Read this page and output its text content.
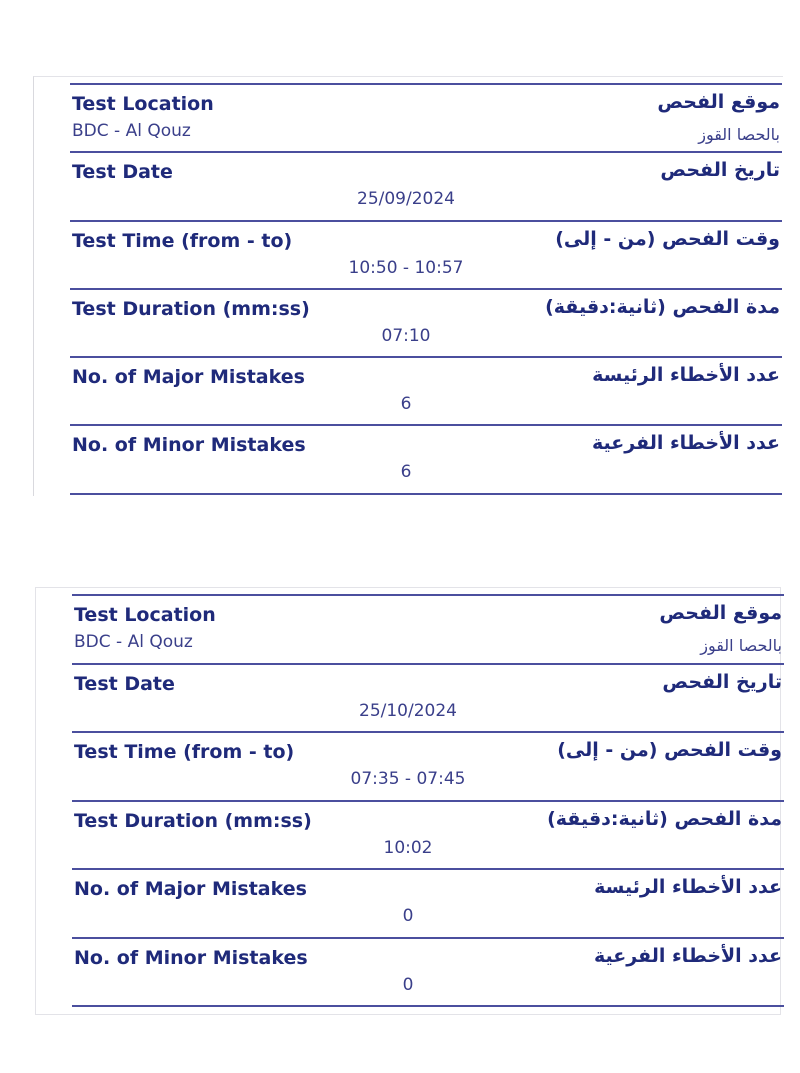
Test Location	موقع الفحص
BDC - Al Qouz	بالحصا القوز
Test Date	تاريخ الفحص
25/09/2024
Test Time (from - to)	وقت الفحص (من - إلى)
10:50 - 10:57
Test Duration (mm:ss)	مدة الفحص (ثانية:دقيقة)
07:10
No. of Major Mistakes	عدد الأخطاء الرئيسة
6
No. of Minor Mistakes	عدد الأخطاء الفرعية
6
Test Location	موقع الفحص
BDC - Al Qouz	بالحصا القوز
Test Date	تاريخ الفحص
25/10/2024
Test Time (from - to)	وقت الفحص (من - إلى)
07:35 - 07:45
Test Duration (mm:ss)	مدة الفحص (ثانية:دقيقة)
10:02
No. of Major Mistakes	عدد الأخطاء الرئيسة
0
No. of Minor Mistakes	عدد الأخطاء الفرعية
0
